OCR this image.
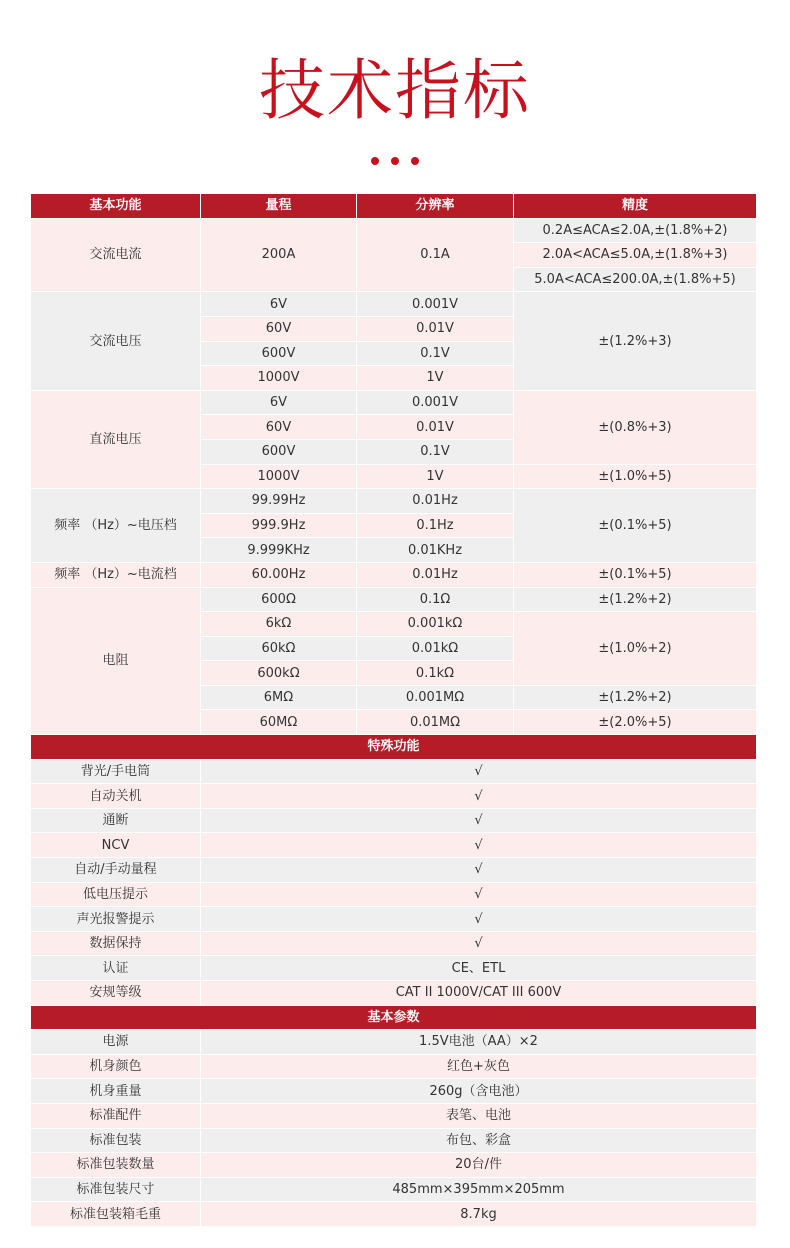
技术指标
基本功能	量程	分辨率	精度
交流电流	200A	0.1A	0.2A≤ACA≤2.0A,±(1.8%+2)
			2.0A<ACA≤5.0A,±(1.8%+3)
			5.0A<ACA≤200.0A,±(1.8%+5)
交流电压	6V	0.001V	±(1.2%+3)
	60V	0.01V	
	600V	0.1V	
	1000V	1V	
直流电压	6V	0.001V	±(0.8%+3)
	60V	0.01V	
	600V	0.1V	
	1000V	1V	±(1.0%+5)
频率 （Hz）~电压档	99.99Hz	0.01Hz	±(0.1%+5)
	999.9Hz	0.1Hz	
	9.999KHz	0.01KHz	
频率 （Hz）~电流档	60.00Hz	0.01Hz	±(0.1%+5)
电阻	600Ω	0.1Ω	±(1.2%+2)
	6kΩ	0.001kΩ	±(1.0%+2)
	60kΩ	0.01kΩ	
	600kΩ	0.1kΩ	
	6MΩ	0.001MΩ	±(1.2%+2)
	60MΩ	0.01MΩ	±(2.0%+5)
特殊功能			
背光/手电筒	√		
自动关机	√		
通断	√		
NCV	√		
自动/手动量程	√		
低电压提示	√		
声光报警提示	√		
数据保持	√		
认证	CE、ETL		
安规等级	CAT II 1000V/CAT III 600V		
基本参数			
电源	1.5V电池（AA）×2		
机身颜色	红色+灰色		
机身重量	260g（含电池）		
标准配件	表笔、电池		
标准包装	布包、彩盒		
标准包装数量	20台/件		
标准包装尺寸	485mm×395mm×205mm		
标准包装箱毛重	8.7kg		
